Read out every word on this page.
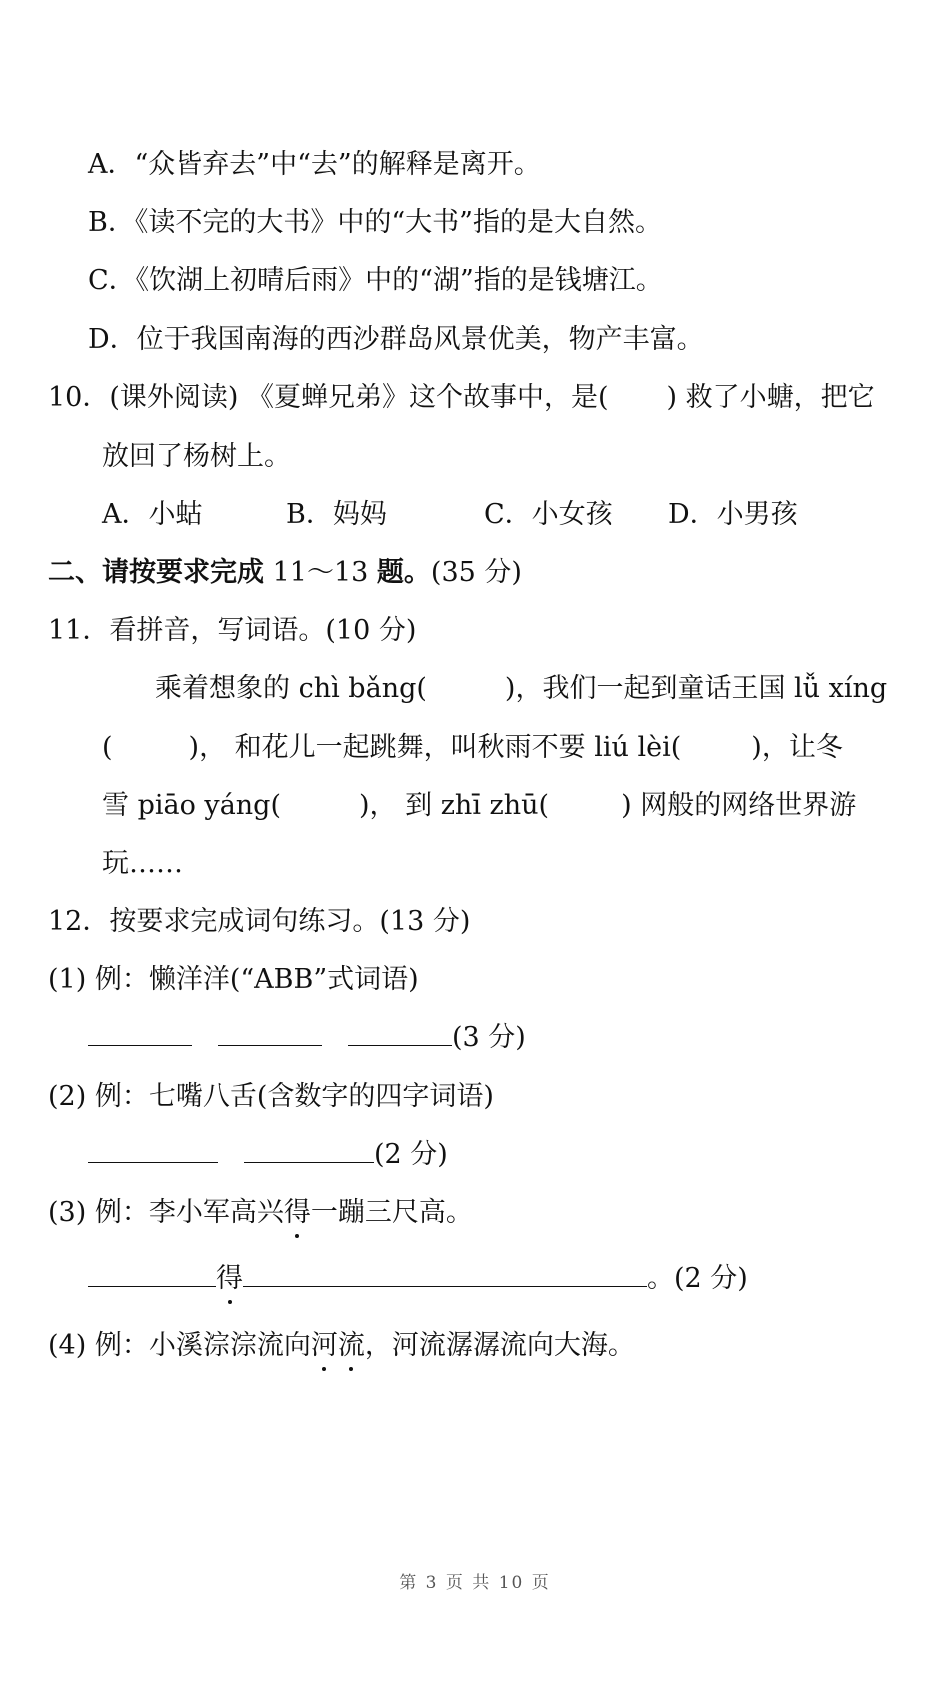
A．“众皆弃去”中“去”的解释是离开。
B．《读不完的大书》中的“大书”指的是大自然。
C．《饮湖上初晴后雨》中的“湖”指的是钱塘江。
D．位于我国南海的西沙群岛风景优美，物产丰富。
10．(课外阅读) 《夏蝉兄弟》这个故事中，是( ) 救了小螗，把它
放回了杨树上。
A．小蛄	B．妈妈	C．小女孩 D．小男孩
二、请按要求完成 11～13 题。(35 分)
11．看拼音，写词语。(10 分)
乘着想象的 chì bǎng(	)，我们一起到童话王国 lǚ xíng
(	)， 和花儿一起跳舞，叫秋雨不要 liú lèi(	)，让冬
雪 piāo yáng(	)， 到 zhī zhū(	) 网般的网络世界游
玩……
12．按要求完成词句练习。(13 分)
(1) 例：懒洋洋(“ABB”式词语)
(3 分)
(2) 例：七嘴八舌(含数字的四字词语)
(2 分)
(3) 例：李小军高兴得一蹦三尺高。
得	。(2 分)
(4) 例：小溪淙淙流向河流，河流潺潺流向大海。
第 3 页 共 10 页
